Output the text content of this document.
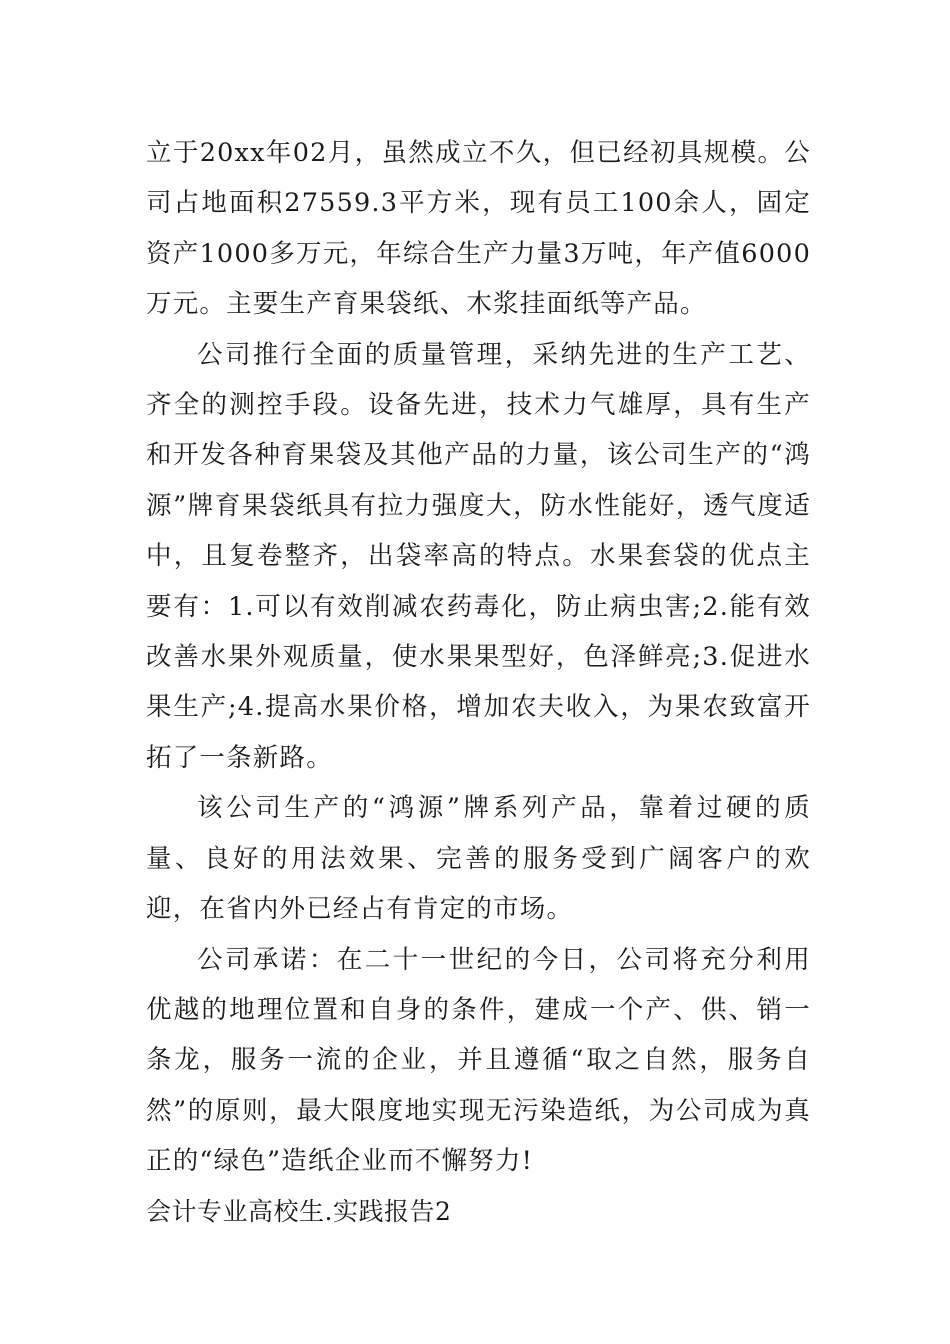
立于20xx年02月，虽然成立不久，但已经初具规模。公司占地面积27559.3平方米，现有员工100余人，固定资产1000多万元，年综合生产力量3万吨，年产值6000万元。主要生产育果袋纸、木浆挂面纸等产品。

公司推行全面的质量管理，采纳先进的生产工艺、齐全的测控手段。设备先进，技术力气雄厚，具有生产和开发各种育果袋及其他产品的力量，该公司生产的“鸿源”牌育果袋纸具有拉力强度大，防水性能好，透气度适中，且复卷整齐，出袋率高的特点。水果套袋的优点主要有：1.可以有效削减农药毒化，防止病虫害;2.能有效改善水果外观质量，使水果果型好，色泽鲜亮;3.促进水果生产;4.提高水果价格，增加农夫收入，为果农致富开拓了一条新路。

该公司生产的“鸿源”牌系列产品，靠着过硬的质量、良好的用法效果、完善的服务受到广阔客户的欢迎，在省内外已经占有肯定的市场。

公司承诺：在二十一世纪的今日，公司将充分利用优越的地理位置和自身的条件，建成一个产、供、销一条龙，服务一流的企业，并且遵循“取之自然，服务自然”的原则，最大限度地实现无污染造纸，为公司成为真正的“绿色”造纸企业而不懈努力!

会计专业高校生.实践报告2
